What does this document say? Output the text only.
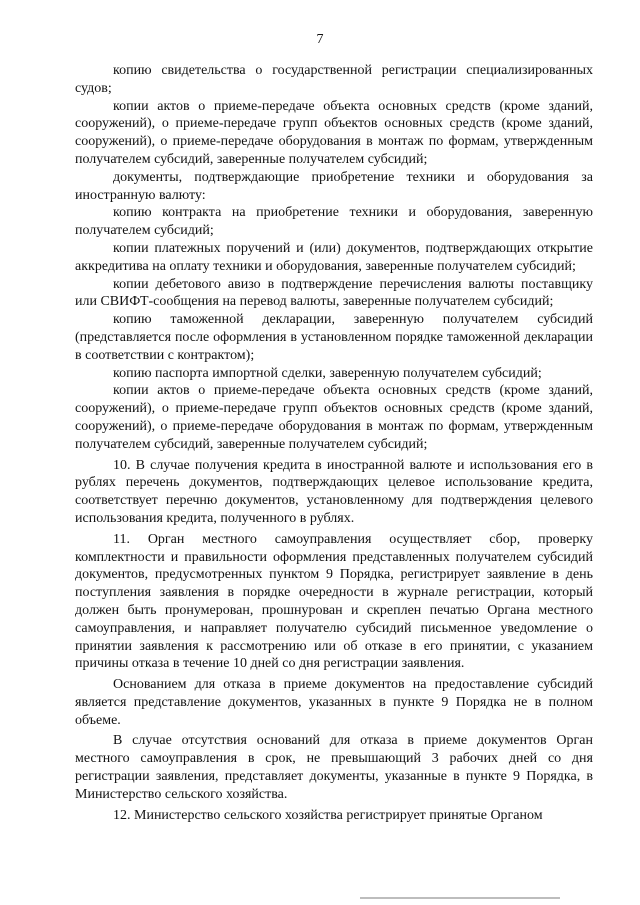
7

копию свидетельства о государственной регистрации специализированных судов;

копии актов о приеме-передаче объекта основных средств (кроме зданий, сооружений), о приеме-передаче групп объектов основных средств (кроме зданий, сооружений), о приеме-передаче оборудования в монтаж по формам, утвержденным получателем субсидий, заверенные получателем субсидий;

документы, подтверждающие приобретение техники и оборудования за иностранную валюту:

копию контракта на приобретение техники и оборудования, заверенную получателем субсидий;

копии платежных поручений и (или) документов, подтверждающих открытие аккредитива на оплату техники и оборудования, заверенные получателем субсидий;

копии дебетового авизо в подтверждение перечисления валюты поставщику или СВИФТ-сообщения на перевод валюты, заверенные получателем субсидий;

копию таможенной декларации, заверенную получателем субсидий (представляется после оформления в установленном порядке таможенной декларации в соответствии с контрактом);

копию паспорта импортной сделки, заверенную получателем субсидий;

копии актов о приеме-передаче объекта основных средств (кроме зданий, сооружений), о приеме-передаче групп объектов основных средств (кроме зданий, сооружений), о приеме-передаче оборудования в монтаж по формам, утвержденным получателем субсидий, заверенные получателем субсидий;

10. В случае получения кредита в иностранной валюте и использования его в рублях перечень документов, подтверждающих целевое использование кредита, соответствует перечню документов, установленному для подтверждения целевого использования кредита, полученного в рублях.

11. Орган местного самоуправления осуществляет сбор, проверку комплектности и правильности оформления представленных получателем субсидий документов, предусмотренных пунктом 9 Порядка, регистрирует заявление в день поступления заявления в порядке очередности в журнале регистрации, который должен быть пронумерован, прошнурован и скреплен печатью Органа местного самоуправления, и направляет получателю субсидий письменное уведомление о принятии заявления к рассмотрению или об отказе в его принятии, с указанием причины отказа в течение 10 дней со дня регистрации заявления.

Основанием для отказа в приеме документов на предоставление субсидий является представление документов, указанных в пункте 9 Порядка не в полном объеме.

В случае отсутствия оснований для отказа в приеме документов Орган местного самоуправления в срок, не превышающий 3 рабочих дней со дня регистрации заявления, представляет документы, указанные в пункте 9 Порядка, в Министерство сельского хозяйства.

12. Министерство сельского хозяйства регистрирует принятые Органом
